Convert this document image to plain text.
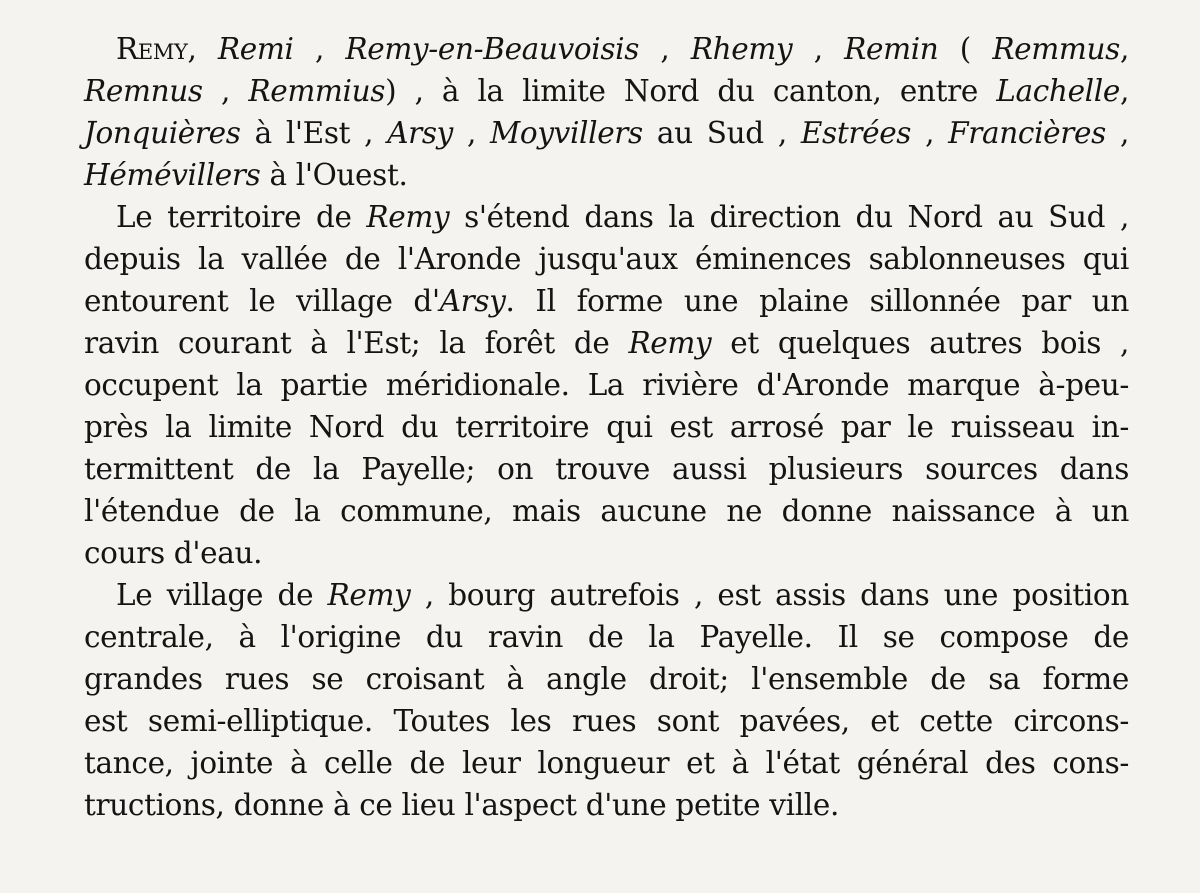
Remy, Remi , Remy-en-Beauvoisis , Rhemy , Remin ( Remmus,
Remnus , Remmius) , à la limite Nord du canton, entre Lachelle,
Jonquières à l'Est , Arsy , Moyvillers au Sud , Estrées , Francières ,
Hémévillers à l'Ouest.
Le territoire de Remy s'étend dans la direction du Nord au Sud ,
depuis la vallée de l'Aronde jusqu'aux éminences sablonneuses qui
entourent le village d'Arsy. Il forme une plaine sillonnée par un
ravin courant à l'Est; la forêt de Remy et quelques autres bois ,
occupent la partie méridionale. La rivière d'Aronde marque à-peu-
près la limite Nord du territoire qui est arrosé par le ruisseau in-
termittent de la Payelle; on trouve aussi plusieurs sources dans
l'étendue de la commune, mais aucune ne donne naissance à un
cours d'eau.
Le village de Remy , bourg autrefois , est assis dans une position
centrale, à l'origine du ravin de la Payelle. Il se compose de
grandes rues se croisant à angle droit; l'ensemble de sa forme
est semi-elliptique. Toutes les rues sont pavées, et cette circons-
tance, jointe à celle de leur longueur et à l'état général des cons-
tructions, donne à ce lieu l'aspect d'une petite ville.
